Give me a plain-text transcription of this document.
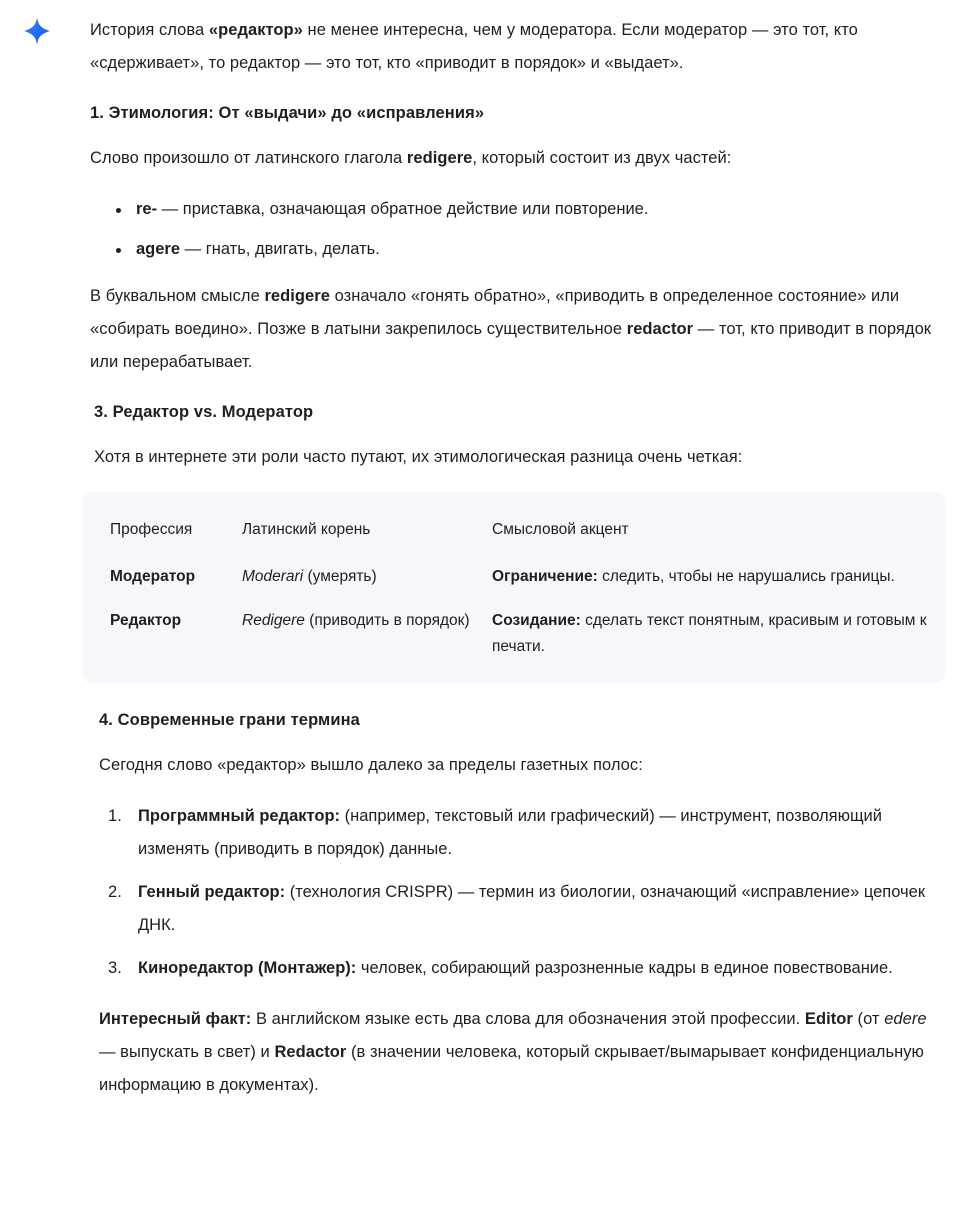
История слова «редактор» не менее интересна, чем у модератора. Если модератор — это тот, кто «сдерживает», то редактор — это тот, кто «приводит в порядок» и «выдает».

1. Этимология: От «выдачи» до «исправления»

Слово произошло от латинского глагола redigere, который состоит из двух частей:

re- — приставка, означающая обратное действие или повторение.
agere — гнать, двигать, делать.

В буквальном смысле redigere означало «гонять обратно», «приводить в определенное состояние» или «собирать воедино». Позже в латыни закрепилось существительное redactor — тот, кто приводит в порядок или перерабатывает.

3. Редактор vs. Модератор

Хотя в интернете эти роли часто путают, их этимологическая разница очень четкая:

Профессия	Латинский корень	Смысловой акцент
Модератор	Moderari (умерять)	Ограничение: следить, чтобы не нарушались границы.
Редактор	Redigere (приводить в порядок)	Созидание: сделать текст понятным, красивым и готовым к печати.
4. Современные грани термина

Сегодня слово «редактор» вышло далеко за пределы газетных полос:

Программный редактор: (например, текстовый или графический) — инструмент, позволяющий изменять (приводить в порядок) данные.
Генный редактор: (технология CRISPR) — термин из биологии, означающий «исправление» цепочек ДНК.
Кинoредактор (Монтажер): человек, собирающий разрозненные кадры в единое повествование.

Интересный факт: В английском языке есть два слова для обозначения этой профессии. Editor (от edere — выпускать в свет) и Redactor (в значении человека, который скрывает/вымарывает конфиденциальную информацию в документах).
